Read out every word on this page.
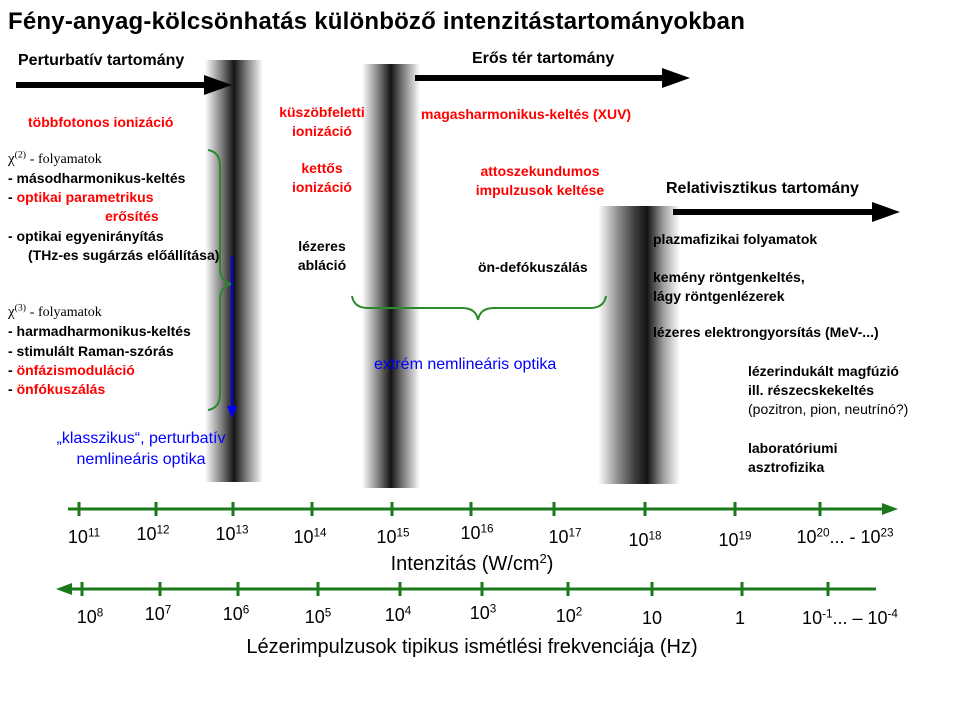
Fény-anyag-kölcsönhatás különböző intenzitástartományokban
Perturbatív tartomány	Erős tér tartomány
Relativisztikus tartomány
többfotonos ionizáció
$\chi^{(2)}$ - folyamatok
- másodharmonikus-keltés
- optikai parametrikus
erősítés
- optikai egyenirányítás
(THz-es sugárzás előállítása)
$\chi^{(3)}$ - folyamatok
- harmadharmonikus-keltés
- stimulált Raman-szórás
- önfázismoduláció
- önfókuszálás
„klasszikus“, perturbatív
nemlineáris optika
küszöbfeletti
ionizáció
kettős
ionizáció
lézeres
abláció
magasharmonikus-keltés (XUV)
attoszekundumos
impulzusok keltése
ön-defókuszálás
extrém nemlineáris optika
plazmafizikai folyamatok
kemény röntgenkeltés,
lágy röntgenlézerek
lézeres elektrongyorsítás (MeV-...)
lézerindukált magfúzió
ill. részecskekeltés
(pozitron, pion, neutrínó?)
laboratóriumi
asztrofizika
$10^{11}$ $10^{12}$	$10^{13}$ $10^{14}$	$10^{15}$	$10^{16}$	$10^{17}$	$10^{18}$	$10^{19}$ $10^{20}$... - $10^{23}$
Intenzitás $(W/cm^2)$
$10^8$ $10^7$	$10^6$	$10^5$	$10^4$	$10^3$	$10^2$	10	1	$10^{-1}$... – $10^{-4}$
Lézerimpulzusok tipikus ismétlési frekvenciája (Hz)
